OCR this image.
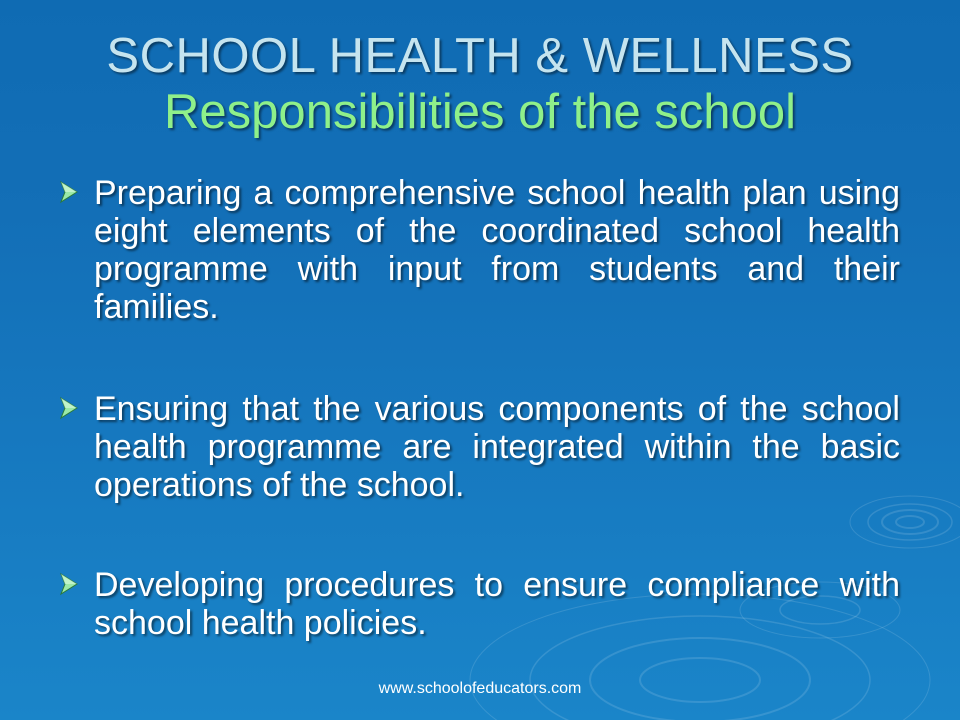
SCHOOL HEALTH & WELLNESS
Responsibilities of the school
Preparing a comprehensive school health plan using eight elements of the coordinated school health programme with input from students and their families.
Ensuring that the various components of the school health programme are integrated within the basic operations of the school.
Developing procedures to ensure compliance with school health policies.
www.schoolofeducators.com
